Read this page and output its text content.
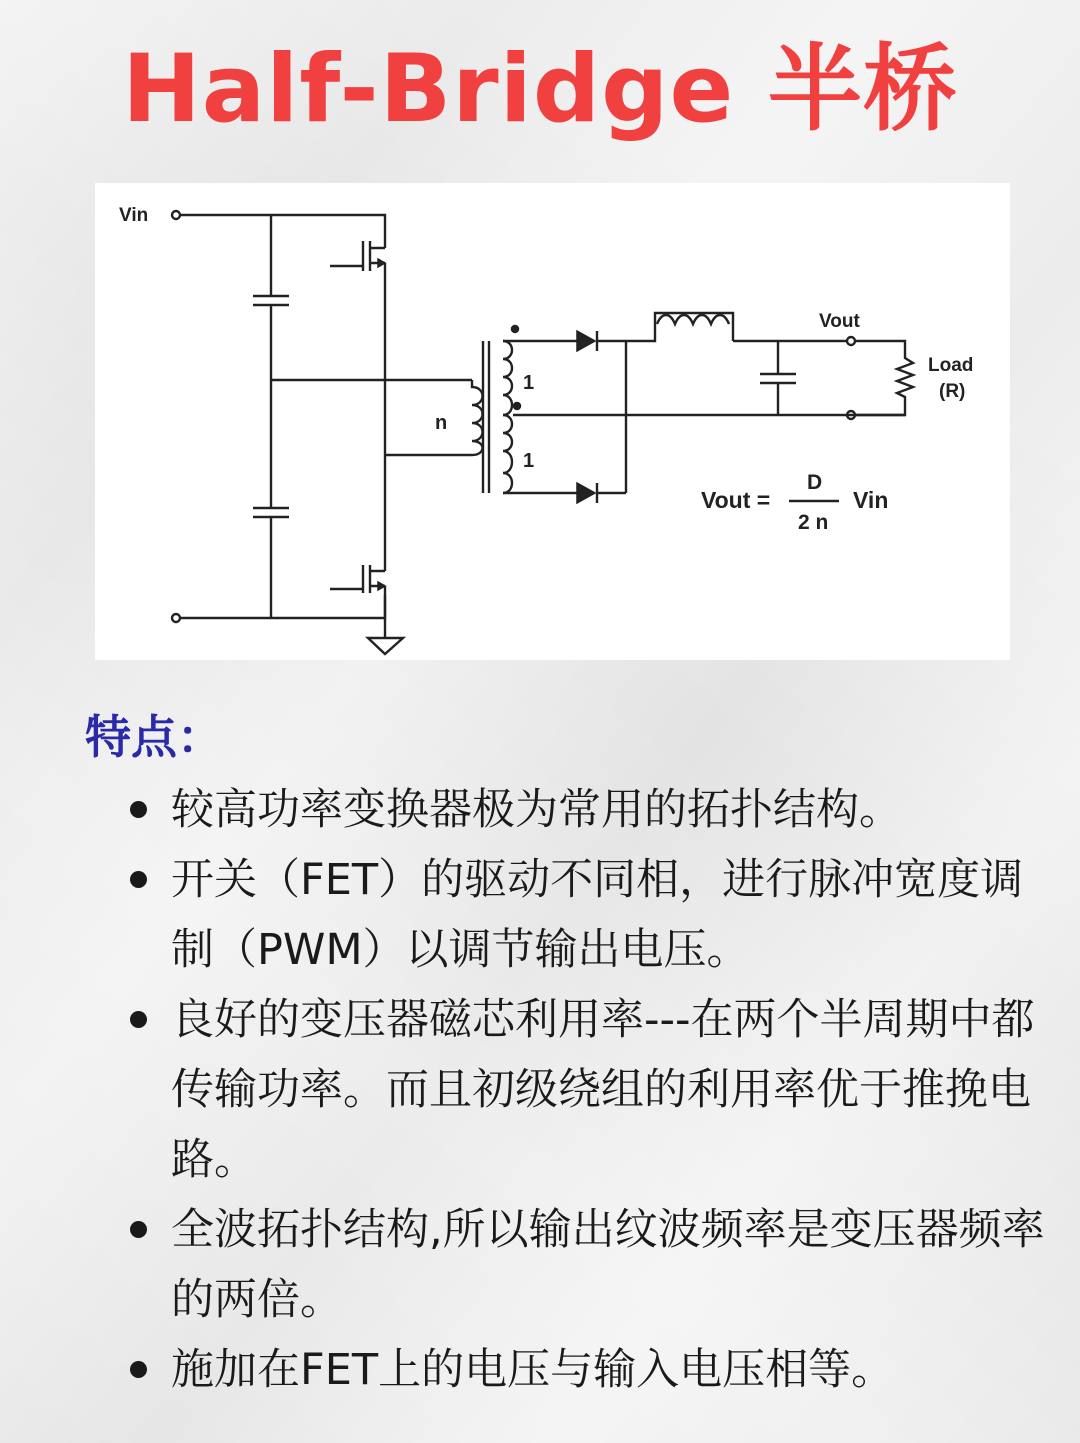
Half-Bridge 半桥
Vin
n
1
1
Vout
Load
(R)
Vout =
D
2 n
Vin
特点：
较高功率变换器极为常用的拓扑结构。
开关（FET）的驱动不同相，进行脉冲宽度调制（PWM）以调节输出电压。
良好的变压器磁芯利用率---在两个半周期中都传输功率。而且初级绕组的利用率优于推挽电路。
全波拓扑结构,所以输出纹波频率是变压器频率的两倍。
施加在FET上的电压与输入电压相等。
